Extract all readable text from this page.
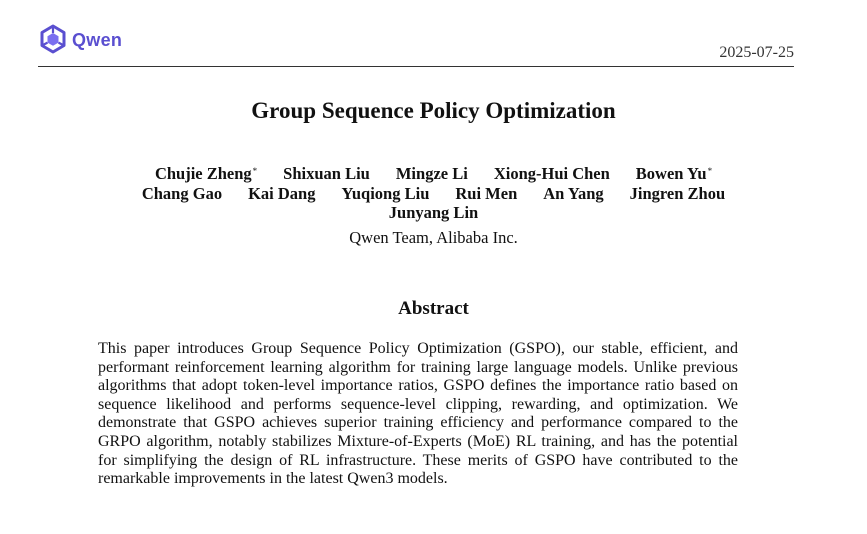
Qwen
2025-07-25
Group Sequence Policy Optimization
Chujie Zheng* Shixuan Liu Mingze Li Xiong-Hui Chen Bowen Yu*
Chang Gao Kai Dang Yuqiong Liu Rui Men An Yang Jingren Zhou
Junyang Lin
Qwen Team, Alibaba Inc.
Abstract

This paper introduces Group Sequence Policy Optimization (GSPO), our stable, efficient, and performant reinforcement learning algorithm for training large language models. Unlike previous algorithms that adopt token-level importance ratios, GSPO defines the importance ratio based on sequence likelihood and performs sequence-level clipping, rewarding, and optimization. We demonstrate that GSPO achieves superior training efficiency and performance compared to the GRPO algorithm, notably stabilizes Mixture-of-Experts (MoE) RL training, and has the potential for simplifying the design of RL infrastructure. These merits of GSPO have contributed to the remarkable improvements in the latest Qwen3 models.
